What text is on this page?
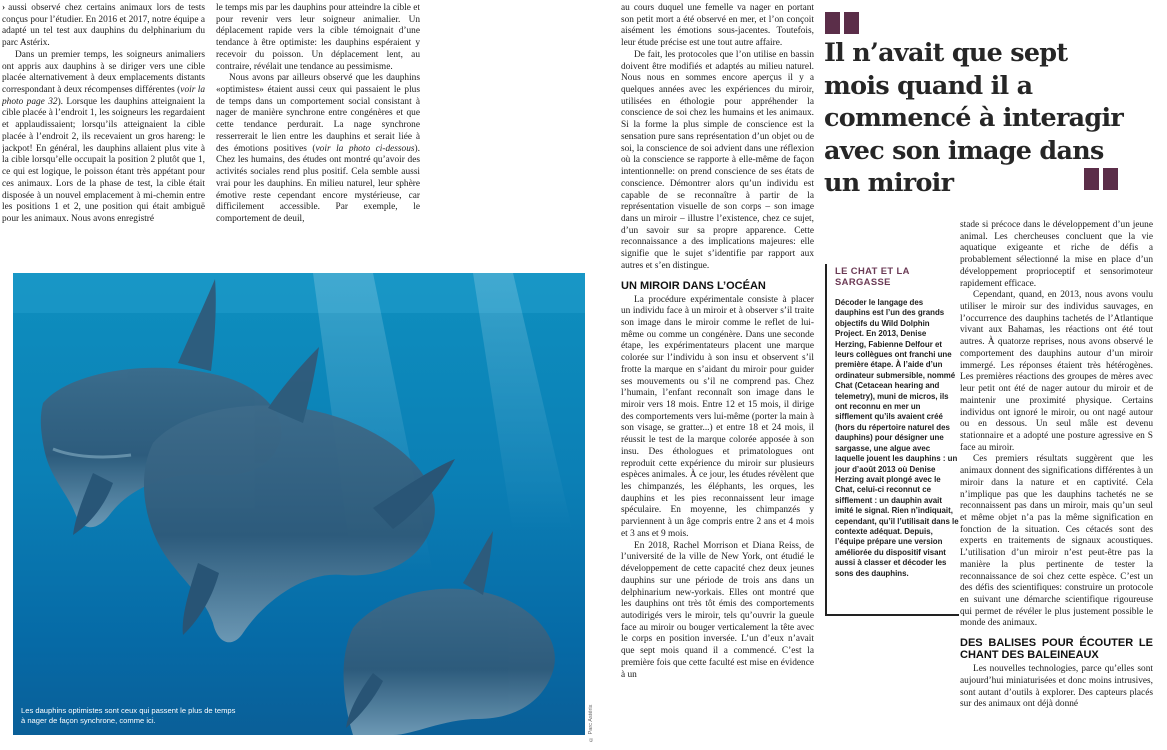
› aussi observé chez certains animaux lors de tests conçus pour l’étudier. En 2016 et 2017, notre équipe a adapté un tel test aux dauphins du delphinarium du parc Astérix.

Dans un premier temps, les soigneurs animaliers ont appris aux dauphins à se diriger vers une cible placée alternativement à deux emplacements distants correspondant à deux récompenses différentes (voir la photo page 32). Lorsque les dauphins atteignaient la cible placée à l’endroit 1, les soigneurs les regardaient et applaudissaient; lorsqu’ils atteignaient la cible placée à l’endroit 2, ils recevaient un gros hareng: le jackpot! En général, les dauphins allaient plus vite à la cible lorsqu’elle occupait la position 2 plutôt que 1, ce qui est logique, le poisson étant très appétant pour ces animaux. Lors de la phase de test, la cible était disposée à un nouvel emplacement à mi-chemin entre les positions 1 et 2, une position qui était ambiguë pour les animaux. Nous avons enregistré

le temps mis par les dauphins pour atteindre la cible et pour revenir vers leur soigneur animalier. Un déplacement rapide vers la cible témoignait d’une tendance à être optimiste: les dauphins espéraient y recevoir du poisson. Un déplacement lent, au contraire, révélait une tendance au pessimisme.

Nous avons par ailleurs observé que les dauphins «optimistes» étaient aussi ceux qui passaient le plus de temps dans un comportement social consistant à nager de manière synchrone entre congénères et que cette tendance perdurait. La nage synchrone resserrerait le lien entre les dauphins et serait liée à des émotions positives (voir la photo ci-dessous). Chez les humains, des études ont montré qu’avoir des activités sociales rend plus positif. Cela semble aussi vrai pour les dauphins. En milieu naturel, leur sphère émotive reste cependant encore mystérieuse, car difficilement accessible. Par exemple, le comportement de deuil,

Les dauphins optimistes sont ceux qui passent le plus de temps à nager de façon synchrone, comme ici.	© Parc Astérix

au cours duquel une femelle va nager en portant son petit mort a été observé en mer, et l’on conçoit aisément les émotions sous-jacentes. Toutefois, leur étude précise est une tout autre affaire.

De fait, les protocoles que l’on utilise en bassin doivent être modifiés et adaptés au milieu naturel. Nous nous en sommes encore aperçus il y a quelques années avec les expériences du miroir, utilisées en éthologie pour appréhender la conscience de soi chez les humains et les animaux. Si la forme la plus simple de conscience est la sensation pure sans représentation d’un objet ou de soi, la conscience de soi advient dans une réflexion où la conscience se rapporte à elle-même de façon intentionnelle: on prend conscience de ses états de conscience. Démontrer alors qu’un individu est capable de se reconnaître à partir de la représentation visuelle de son corps – son image dans un miroir – illustre l’existence, chez ce sujet, d’un savoir sur sa propre apparence. Cette reconnaissance a des implications majeures: elle signifie que le sujet s’identifie par rapport aux autres et s’en distingue.

UN MIROIR DANS L’OCÉAN

La procédure expérimentale consiste à placer un individu face à un miroir et à observer s’il traite son image dans le miroir comme le reflet de lui-même ou comme un congénère. Dans une seconde étape, les expérimentateurs placent une marque colorée sur l’individu à son insu et observent s’il frotte la marque en s’aidant du miroir pour guider ses mouvements ou s’il ne comprend pas. Chez l’humain, l’enfant reconnaît son image dans le miroir vers 18 mois. Entre 12 et 15 mois, il dirige des comportements vers lui-même (porter la main à son visage, se gratter...) et entre 18 et 24 mois, il réussit le test de la marque colorée apposée à son insu. Des éthologues et primatologues ont reproduit cette expérience du miroir sur plusieurs espèces animales. À ce jour, les études révèlent que les chimpanzés, les éléphants, les orques, les dauphins et les pies reconnaissent leur image spéculaire. En moyenne, les chimpanzés y parviennent à un âge compris entre 2 ans et 4 mois et 3 ans et 9 mois.

En 2018, Rachel Morrison et Diana Reiss, de l’université de la ville de New York, ont étudié le développement de cette capacité chez deux jeunes dauphins sur une période de trois ans dans un delphinarium new-yorkais. Elles ont montré que les dauphins ont très tôt émis des comportements autodirigés vers le miroir, tels qu’ouvrir la gueule face au miroir ou bouger verticalement la tête avec le corps en position inversée. L’un d’eux n’avait que sept mois quand il a commencé. C’est la première fois que cette faculté est mise en évidence à un

Il n’avait que sept mois quand il a commencé à interagir avec son image dans un miroir
LE CHAT ET LA SARGASSE
Décoder le langage des dauphins est l’un des grands objectifs du Wild Dolphin Project. En 2013, Denise Herzing, Fabienne Delfour et leurs collègues ont franchi une première étape. À l’aide d’un ordinateur submersible, nommé Chat (Cetacean hearing and telemetry), muni de micros, ils ont reconnu en mer un sifflement qu’ils avaient créé (hors du répertoire naturel des dauphins) pour désigner une sargasse, une algue avec laquelle jouent les dauphins : un jour d’août 2013 où Denise Herzing avait plongé avec le Chat, celui-ci reconnut ce sifflement : un dauphin avait imité le signal. Rien n’indiquait, cependant, qu’il l’utilisait dans le contexte adéquat. Depuis, l’équipe prépare une version améliorée du dispositif visant aussi à classer et décoder les sons des dauphins.

stade si précoce dans le développement d’un jeune animal. Les chercheuses concluent que la vie aquatique exigeante et riche de défis a probablement sélectionné la mise en place d’un développement proprioceptif et sensorimoteur rapidement efficace.

Cependant, quand, en 2013, nous avons voulu utiliser le miroir sur des individus sauvages, en l’occurrence des dauphins tachetés de l’Atlantique vivant aux Bahamas, les réactions ont été tout autres. À quatorze reprises, nous avons observé le comportement des dauphins autour d’un miroir immergé. Les réponses étaient très hétérogènes. Les premières réactions des groupes de mères avec leur petit ont été de nager autour du miroir et de maintenir une proximité physique. Certains individus ont ignoré le miroir, ou ont nagé autour ou en dessous. Un seul mâle est devenu stationnaire et a adopté une posture agressive en S face au miroir.

Ces premiers résultats suggèrent que les animaux donnent des significations différentes à un miroir dans la nature et en captivité. Cela n’implique pas que les dauphins tachetés ne se reconnaissent pas dans un miroir, mais qu’un seul et même objet n’a pas la même signification en fonction de la situation. Ces cétacés sont des experts en traitements de signaux acoustiques. L’utilisation d’un miroir n’est peut-être pas la manière la plus pertinente de tester la reconnaissance de soi chez cette espèce. C’est un des défis des scientifiques: construire un protocole en suivant une démarche scientifique rigoureuse qui permet de révéler le plus justement possible le monde des animaux.

DES BALISES POUR ÉCOUTER LE CHANT DES BALEINEAUX

Les nouvelles technologies, parce qu’elles sont aujourd’hui miniaturisées et donc moins intrusives, sont autant d’outils à explorer. Des capteurs placés sur des animaux ont déjà donné
